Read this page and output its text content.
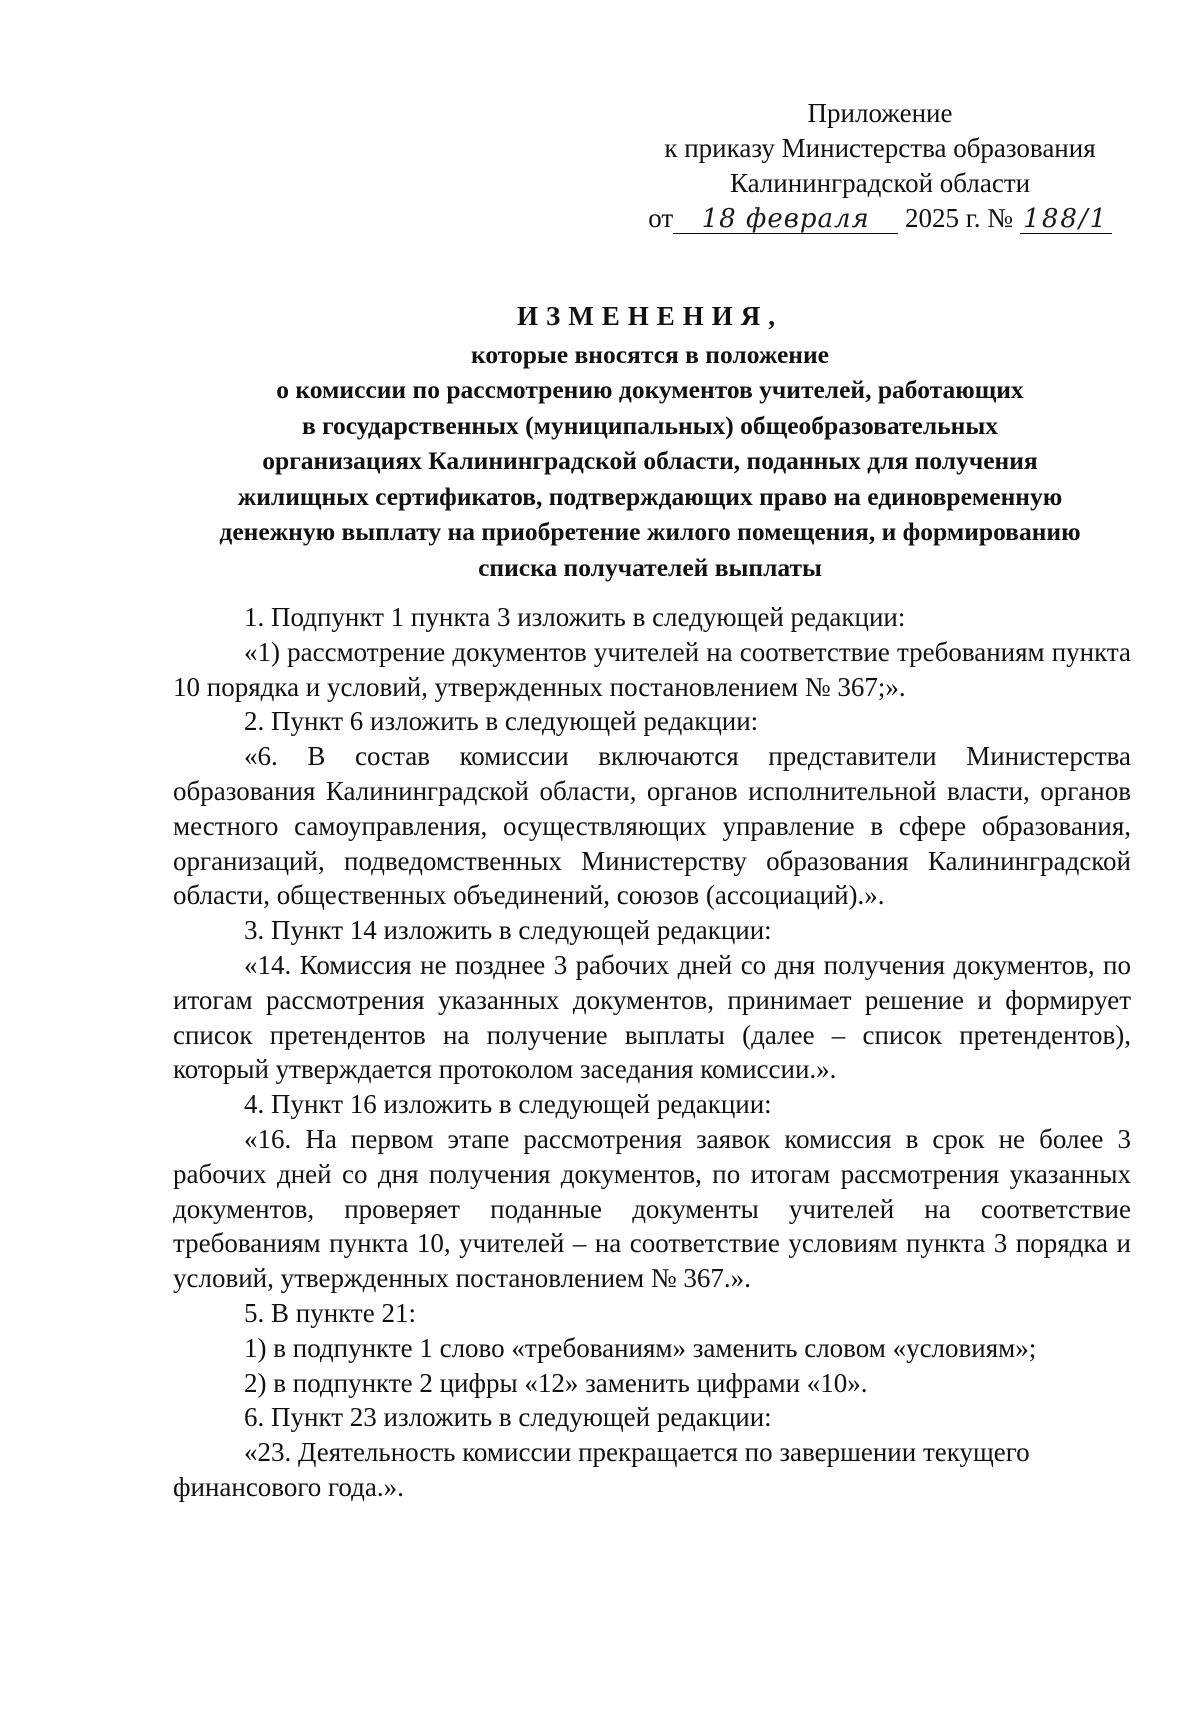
Приложение
к приказу Министерства образования
Калининградской области
от 18 февраля 2025 г. № 188/1
ИЗМЕНЕНИЯ,
которые вносятся в положение
о комиссии по рассмотрению документов учителей, работающих
в государственных (муниципальных) общеобразовательных
организациях Калининградской области, поданных для получения
жилищных сертификатов, подтверждающих право на единовременную
денежную выплату на приобретение жилого помещения, и формированию
списка получателей выплаты

1. Подпункт 1 пункта 3 изложить в следующей редакции:

«1) рассмотрение документов учителей на соответствие требованиям пункта 10 порядка и условий, утвержденных постановлением № 367;».

2. Пункт 6 изложить в следующей редакции:

«6. В состав комиссии включаются представители Министерства образования Калининградской области, органов исполнительной власти, органов местного самоуправления, осуществляющих управление в сфере образования, организаций, подведомственных Министерству образования Калининградской области, общественных объединений, союзов (ассоциаций).».

3. Пункт 14 изложить в следующей редакции:

«14. Комиссия не позднее 3 рабочих дней со дня получения документов, по итогам рассмотрения указанных документов, принимает решение и формирует список претендентов на получение выплаты (далее – список претендентов), который утверждается протоколом заседания комиссии.».

4. Пункт 16 изложить в следующей редакции:

«16. На первом этапе рассмотрения заявок комиссия в срок не более 3 рабочих дней со дня получения документов, по итогам рассмотрения указанных документов, проверяет поданные документы учителей на соответствие требованиям пункта 10, учителей – на соответствие условиям пункта 3 порядка и условий, утвержденных постановлением № 367.».

5. В пункте 21:

1) в подпункте 1 слово «требованиям» заменить словом «условиям»;

2) в подпункте 2 цифры «12» заменить цифрами «10».

6. Пункт 23 изложить в следующей редакции:

«23. Деятельность комиссии прекращается по завершении текущего финансового года.».
